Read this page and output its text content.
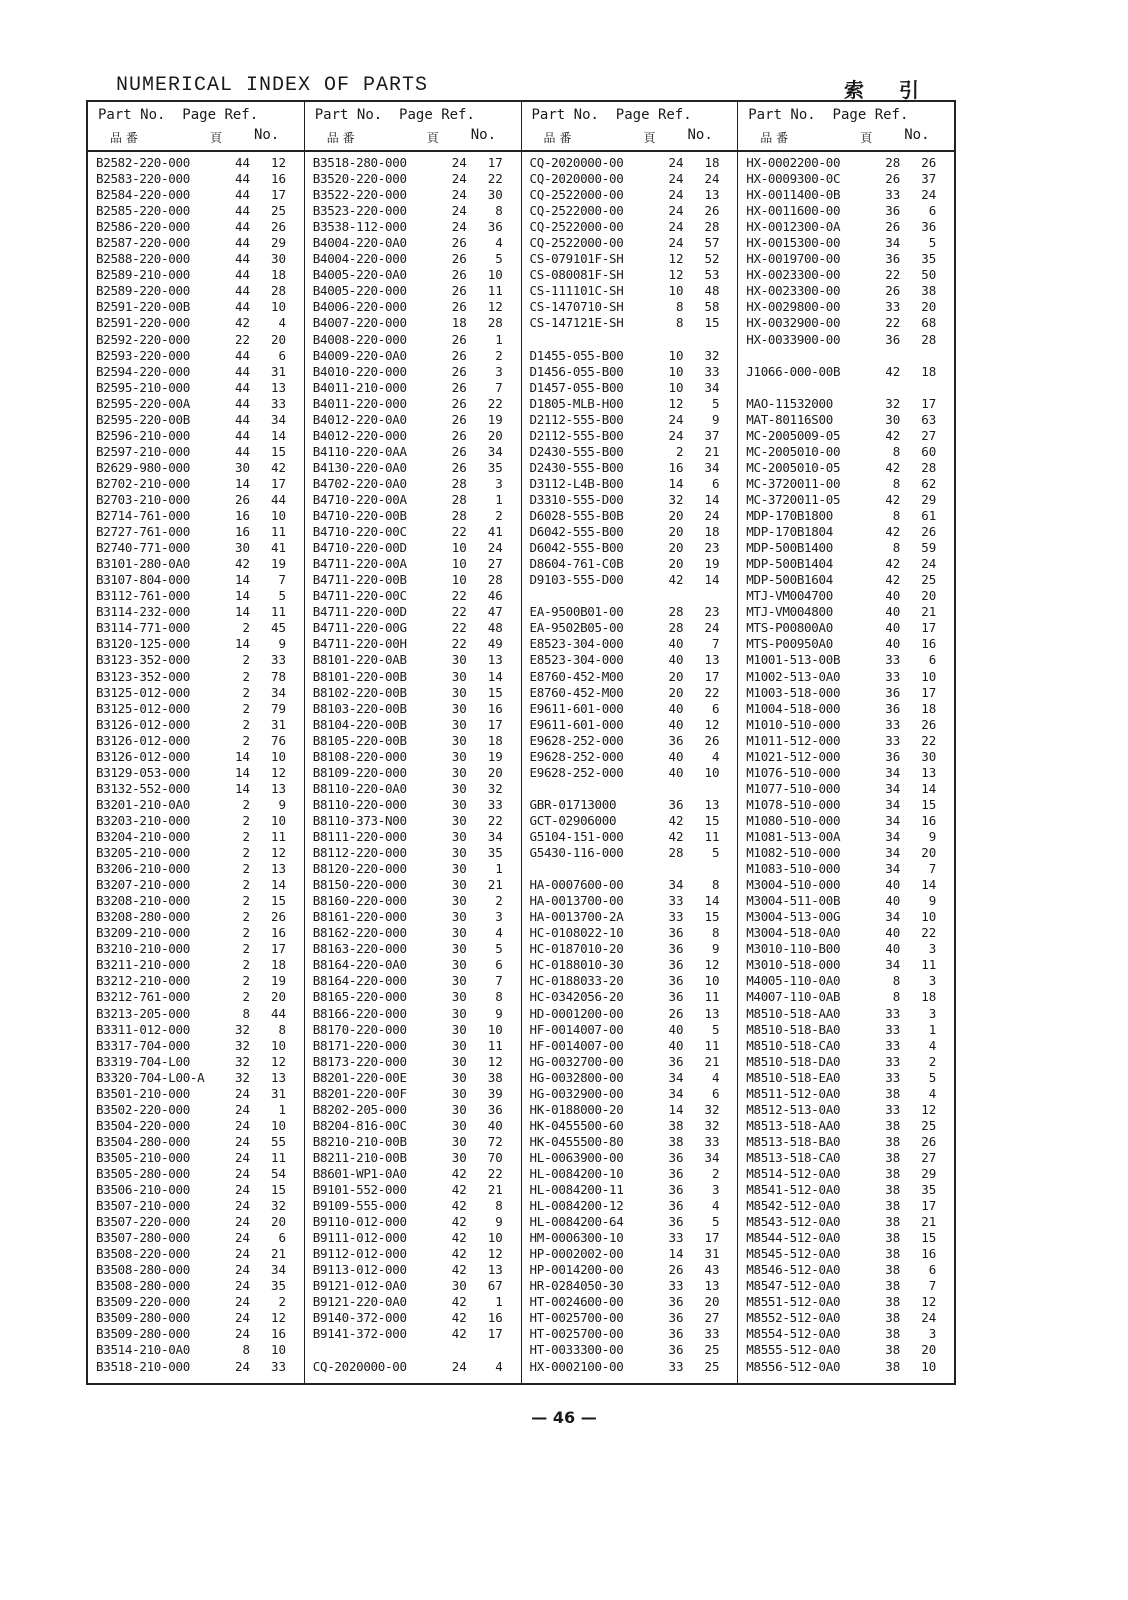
NUMERICAL INDEX OF PARTS	索 引
Part No. Page Ref.
品 番	頁 No.
B2582-220-000	44	12
B2583-220-000	44	16
B2584-220-000	44	17
B2585-220-000	44	25
B2586-220-000	44	26
B2587-220-000	44	29
B2588-220-000	44	30
B2589-210-000	44	18
B2589-220-000	44	28
B2591-220-00B	44	10
B2591-220-000	42	4
B2592-220-000	22	20
B2593-220-000	44	6
B2594-220-000	44	31
B2595-210-000	44	13
B2595-220-00A	44	33
B2595-220-00B	44	34
B2596-210-000	44	14
B2597-210-000	44	15
B2629-980-000	30	42
B2702-210-000	14	17
B2703-210-000	26	44
B2714-761-000	16	10
B2727-761-000	16	11
B2740-771-000	30	41
B3101-280-0A0	42	19
B3107-804-000	14	7
B3112-761-000	14	5
B3114-232-000	14	11
B3114-771-000	2	45
B3120-125-000	14	9
B3123-352-000	2	33
B3123-352-000	2	78
B3125-012-000	2	34
B3125-012-000	2	79
B3126-012-000	2	31
B3126-012-000	2	76
B3126-012-000	14	10
B3129-053-000	14	12
B3132-552-000	14	13
B3201-210-0A0	2	9
B3203-210-000	2	10
B3204-210-000	2	11
B3205-210-000	2	12
B3206-210-000	2	13
B3207-210-000	2	14
B3208-210-000	2	15
B3208-280-000	2	26
B3209-210-000	2	16
B3210-210-000	2	17
B3211-210-000	2	18
B3212-210-000	2	19
B3212-761-000	2	20
B3213-205-000	8	44
B3311-012-000	32	8
B3317-704-000	32	10
B3319-704-L00	32	12
B3320-704-L00-A	32	13
B3501-210-000	24	31
B3502-220-000	24	1
B3504-220-000	24	10
B3504-280-000	24	55
B3505-210-000	24	11
B3505-280-000	24	54
B3506-210-000	24	15
B3507-210-000	24	32
B3507-220-000	24	20
B3507-280-000	24	6
B3508-220-000	24	21
B3508-280-000	24	34
B3508-280-000	24	35
B3509-220-000	24	2
B3509-280-000	24	12
B3509-280-000	24	16
B3514-210-0A0	8	10
B3518-210-000	24	33
Part No. Page Ref.
品 番	頁 No.
B3518-280-000	24	17
B3520-220-000	24	22
B3522-220-000	24	30
B3523-220-000	24	8
B3538-112-000	24	36
B4004-220-0A0	26	4
B4004-220-000	26	5
B4005-220-0A0	26	10
B4005-220-000	26	11
B4006-220-000	26	12
B4007-220-000	18	28
B4008-220-000	26	1
B4009-220-0A0	26	2
B4010-220-000	26	3
B4011-210-000	26	7
B4011-220-000	26	22
B4012-220-0A0	26	19
B4012-220-000	26	20
B4110-220-0AA	26	34
B4130-220-0A0	26	35
B4702-220-0A0	28	3
B4710-220-00A	28	1
B4710-220-00B	28	2
B4710-220-00C	22	41
B4710-220-00D	10	24
B4711-220-00A	10	27
B4711-220-00B	10	28
B4711-220-00C	22	46
B4711-220-00D	22	47
B4711-220-00G	22	48
B4711-220-00H	22	49
B8101-220-0AB	30	13
B8101-220-00B	30	14
B8102-220-00B	30	15
B8103-220-00B	30	16
B8104-220-00B	30	17
B8105-220-00B	30	18
B8108-220-000	30	19
B8109-220-000	30	20
B8110-220-0A0	30	32
B8110-220-000	30	33
B8110-373-N00	30	22
B8111-220-000	30	34
B8112-220-000	30	35
B8120-220-000	30	1
B8150-220-000	30	21
B8160-220-000	30	2
B8161-220-000	30	3
B8162-220-000	30	4
B8163-220-000	30	5
B8164-220-0A0	30	6
B8164-220-000	30	7
B8165-220-000	30	8
B8166-220-000	30	9
B8170-220-000	30	10
B8171-220-000	30	11
B8173-220-000	30	12
B8201-220-00E	30	38
B8201-220-00F	30	39
B8202-205-000	30	36
B8204-816-00C	30	40
B8210-210-00B	30	72
B8211-210-00B	30	70
B8601-WP1-0A0	42	22
B9101-552-000	42	21
B9109-555-000	42	8
B9110-012-000	42	9
B9111-012-000	42	10
B9112-012-000	42	12
B9113-012-000	42	13
B9121-012-0A0	30	67
B9121-220-0A0	42	1
B9140-372-000	42	16
B9141-372-000	42	17
CQ-2020000-00	24	4
Part No. Page Ref.
品 番	頁 No.
CQ-2020000-00	24	18
CQ-2020000-00	24	24
CQ-2522000-00	24	13
CQ-2522000-00	24	26
CQ-2522000-00	24	28
CQ-2522000-00	24	57
CS-079101F-SH	12	52
CS-080081F-SH	12	53
CS-111101C-SH	10	48
CS-1470710-SH	8	58
CS-147121E-SH	8	15
D1455-055-B00	10	32
D1456-055-B00	10	33
D1457-055-B00	10	34
D1805-MLB-H00	12	5
D2112-555-B00	24	9
D2112-555-B00	24	37
D2430-555-B00	2	21
D2430-555-B00	16	34
D3112-L4B-B00	14	6
D3310-555-D00	32	14
D6028-555-B0B	20	24
D6042-555-B00	20	18
D6042-555-B00	20	23
D8604-761-C0B	20	19
D9103-555-D00	42	14
EA-9500B01-00	28	23
EA-9502B05-00	28	24
E8523-304-000	40	7
E8523-304-000	40	13
E8760-452-M00	20	17
E8760-452-M00	20	22
E9611-601-000	40	6
E9611-601-000	40	12
E9628-252-000	36	26
E9628-252-000	40	4
E9628-252-000	40	10
GBR-01713000	36	13
GCT-02906000	42	15
G5104-151-000	42	11
G5430-116-000	28	5
HA-0007600-00	34	8
HA-0013700-00	33	14
HA-0013700-2A	33	15
HC-0108022-10	36	8
HC-0187010-20	36	9
HC-0188010-30	36	12
HC-0188033-20	36	10
HC-0342056-20	36	11
HD-0001200-00	26	13
HF-0014007-00	40	5
HF-0014007-00	40	11
HG-0032700-00	36	21
HG-0032800-00	34	4
HG-0032900-00	34	6
HK-0188000-20	14	32
HK-0455500-60	38	32
HK-0455500-80	38	33
HL-0063900-00	36	34
HL-0084200-10	36	2
HL-0084200-11	36	3
HL-0084200-12	36	4
HL-0084200-64	36	5
HM-0006300-10	33	17
HP-0002002-00	14	31
HP-0014200-00	26	43
HR-0284050-30	33	13
HT-0024600-00	36	20
HT-0025700-00	36	27
HT-0025700-00	36	33
HT-0033300-00	36	25
HX-0002100-00	33	25
Part No. Page Ref.
品 番	頁 No.
HX-0002200-00	28	26
HX-0009300-0C	26	37
HX-0011400-0B	33	24
HX-0011600-00	36	6
HX-0012300-0A	26	36
HX-0015300-00	34	5
HX-0019700-00	36	35
HX-0023300-00	22	50
HX-0023300-00	26	38
HX-0029800-00	33	20
HX-0032900-00	22	68
HX-0033900-00	36	28
J1066-000-00B	42	18
MAO-11532000	32	17
MAT-80116S00	30	63
MC-2005009-05	42	27
MC-2005010-00	8	60
MC-2005010-05	42	28
MC-3720011-00	8	62
MC-3720011-05	42	29
MDP-170B1800	8	61
MDP-170B1804	42	26
MDP-500B1400	8	59
MDP-500B1404	42	24
MDP-500B1604	42	25
MTJ-VM004700	40	20
MTJ-VM004800	40	21
MTS-P00800A0	40	17
MTS-P00950A0	40	16
M1001-513-00B	33	6
M1002-513-0A0	33	10
M1003-518-000	36	17
M1004-518-000	36	18
M1010-510-000	33	26
M1011-512-000	33	22
M1021-512-000	36	30
M1076-510-000	34	13
M1077-510-000	34	14
M1078-510-000	34	15
M1080-510-000	34	16
M1081-513-00A	34	9
M1082-510-000	34	20
M1083-510-000	34	7
M3004-510-000	40	14
M3004-511-00B	40	9
M3004-513-00G	34	10
M3004-518-0A0	40	22
M3010-110-B00	40	3
M3010-518-000	34	11
M4005-110-0A0	8	3
M4007-110-0AB	8	18
M8510-518-AA0	33	3
M8510-518-BA0	33	1
M8510-518-CA0	33	4
M8510-518-DA0	33	2
M8510-518-EA0	33	5
M8511-512-0A0	38	4
M8512-513-0A0	33	12
M8513-518-AA0	38	25
M8513-518-BA0	38	26
M8513-518-CA0	38	27
M8514-512-0A0	38	29
M8541-512-0A0	38	35
M8542-512-0A0	38	17
M8543-512-0A0	38	21
M8544-512-0A0	38	15
M8545-512-0A0	38	16
M8546-512-0A0	38	6
M8547-512-0A0	38	7
M8551-512-0A0	38	12
M8552-512-0A0	38	24
M8554-512-0A0	38	3
M8555-512-0A0	38	20
M8556-512-0A0	38	10
— 46 —
